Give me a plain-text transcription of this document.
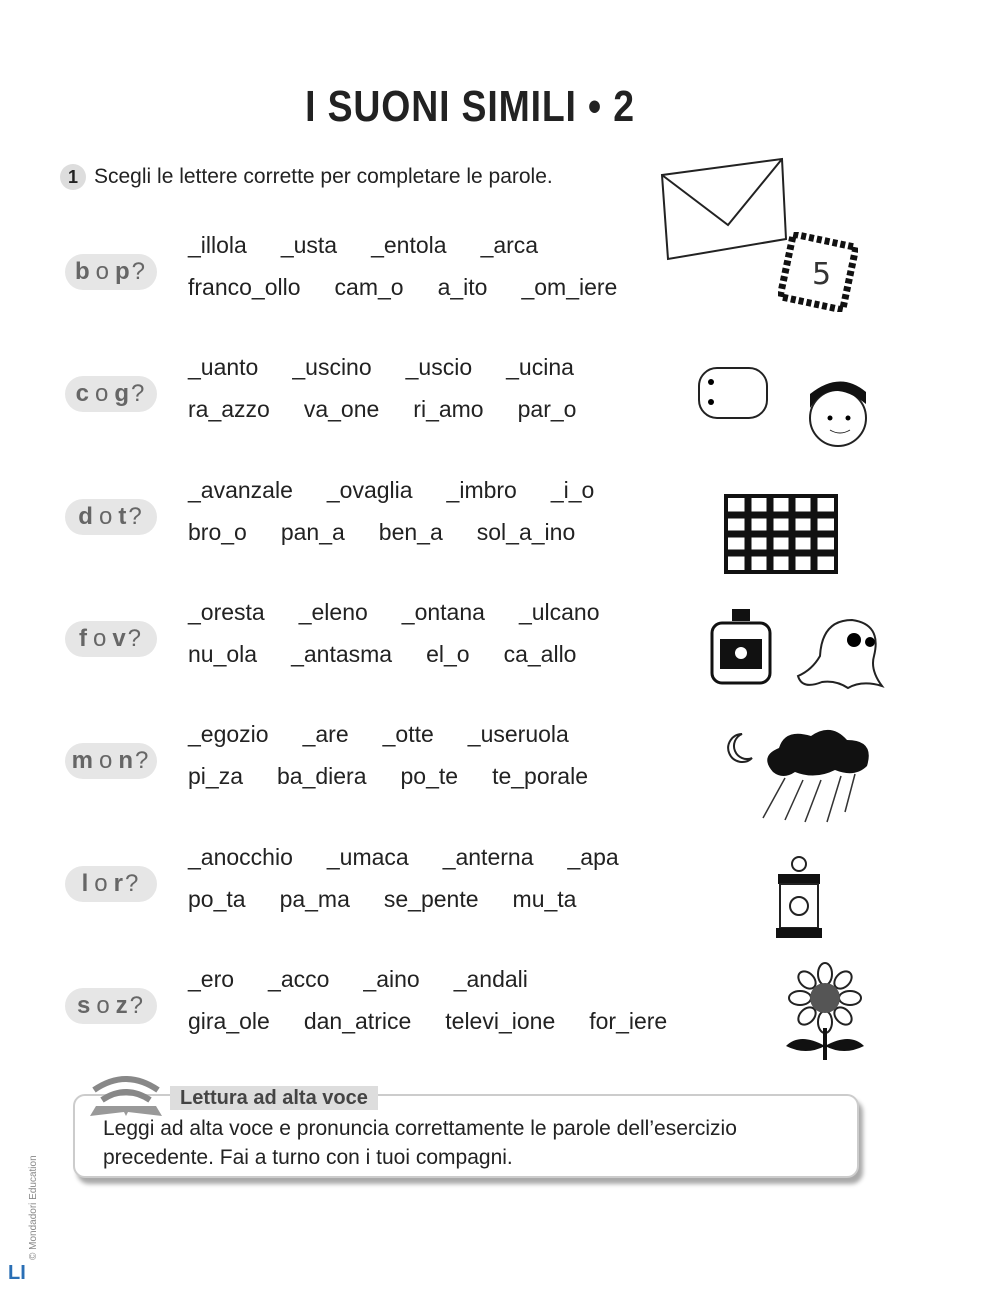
I SUONI SIMILI • 2
1 Scegli le lettere corrette per completare le parole.
b o p?
_illola _usta _entola _arca
franco_ollo cam_o a_ito _om_iere
c o g?
_uanto _uscino _uscio _ucina
ra_azzo va_one ri_amo par_o
d o t?
_avanzale _ovaglia _imbro _i_o
bro_o pan_a ben_a sol_a_ino
f o v?
_oresta _eleno _ontana _ulcano
nu_ola _antasma el_o ca_allo
m o n?
_egozio _are _otte _useruola
pi_za ba_diera po_te te_porale
l o r?
_anocchio _umaca _anterna _apa
po_ta pa_ma se_pente mu_ta
s o z?
_ero _acco _aino _andali
gira_ole dan_atrice televi_ione for_iere
5
Leggi ad alta voce e pronuncia correttamente le parole dell’esercizio precedente. Fai a turno con i tuoi compagni.
Lettura ad alta voce
© Mondadori Education
LI
